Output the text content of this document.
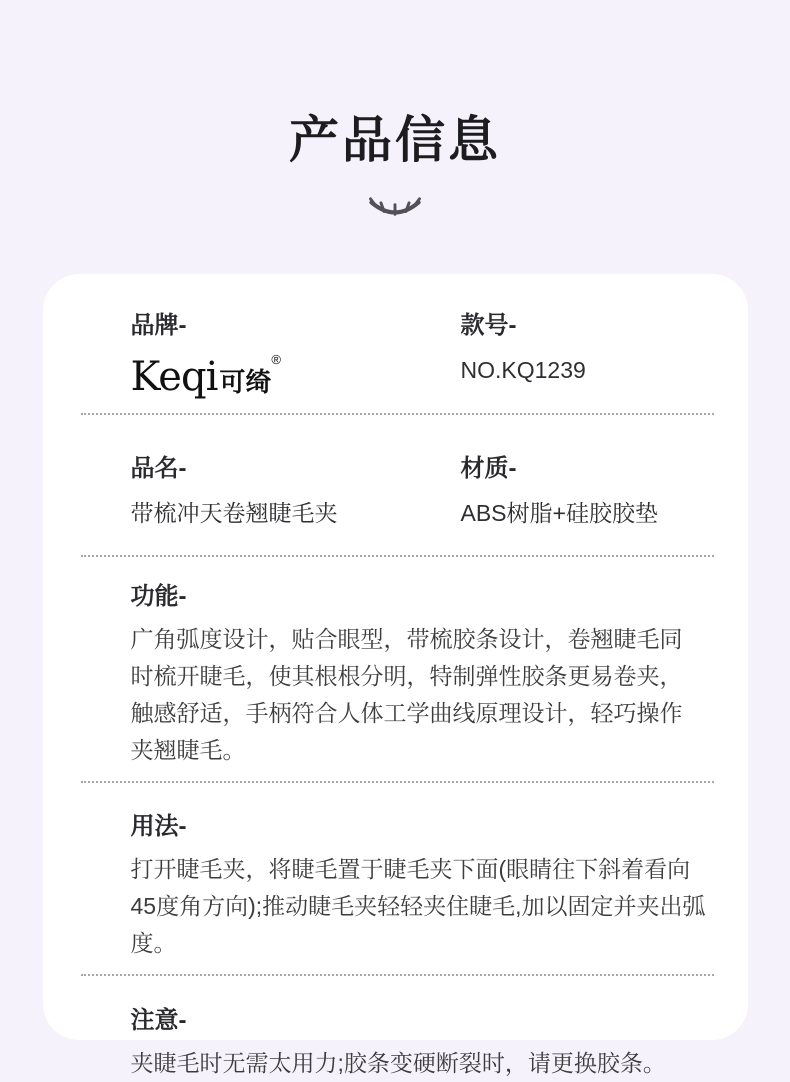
产品信息
品牌-
Keqi 可绮
®
款号-
NO.KQ1239
品名-
带梳冲天卷翘睫毛夹
材质-
ABS树脂+硅胶胶垫
功能-

广角弧度设计，贴合眼型，带梳胶条设计，卷翘睫毛同时梳开睫毛，使其根根分明，特制弹性胶条更易卷夹，触感舒适，手柄符合人体工学曲线原理设计，轻巧操作夹翘睫毛。

用法-

打开睫毛夹，将睫毛置于睫毛夹下面(眼睛往下斜着看向45度角方向);推动睫毛夹轻轻夹住睫毛,加以固定并夹出弧度。

注意-

夹睫毛时无需太用力;胶条变硬断裂时，请更换胶条。
